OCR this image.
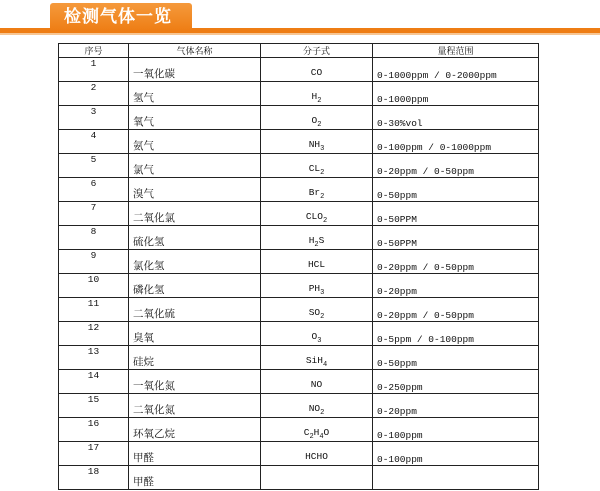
检测气体一览
序号	气体名称	分子式	量程范围
1	一氧化碳	CO	0-1000ppm / 0-2000ppm
2	氢气	$H_2$	0-1000ppm
3	氧气	$O_2$	0-30%vol
4	氨气	$NH_3$	0-100ppm / 0-1000ppm
5	氯气	$CL_2$	0-20ppm / 0-50ppm
6	溴气	$Br_2$	0-50ppm
7	二氧化氯	$CLO_2$	0-50PPM
8	硫化氢	$H_2S$	0-50PPM
9	氯化氢	HCL	0-20ppm / 0-50ppm
10	磷化氢	$PH_3$	0-20ppm
11	二氧化硫	$SO_2$	0-20ppm / 0-50ppm
12	臭氧	$O_3$	0-5ppm / 0-100ppm
13	硅烷	SiH$_4$	0-50ppm
14	一氧化氮	NO	0-250ppm
15	二氧化氮	$NO_2$	0-20ppm
16	环氧乙烷	$C_2H_4O$	0-100ppm
17	甲醛	HCHO	0-100ppm
18	甲醛		
